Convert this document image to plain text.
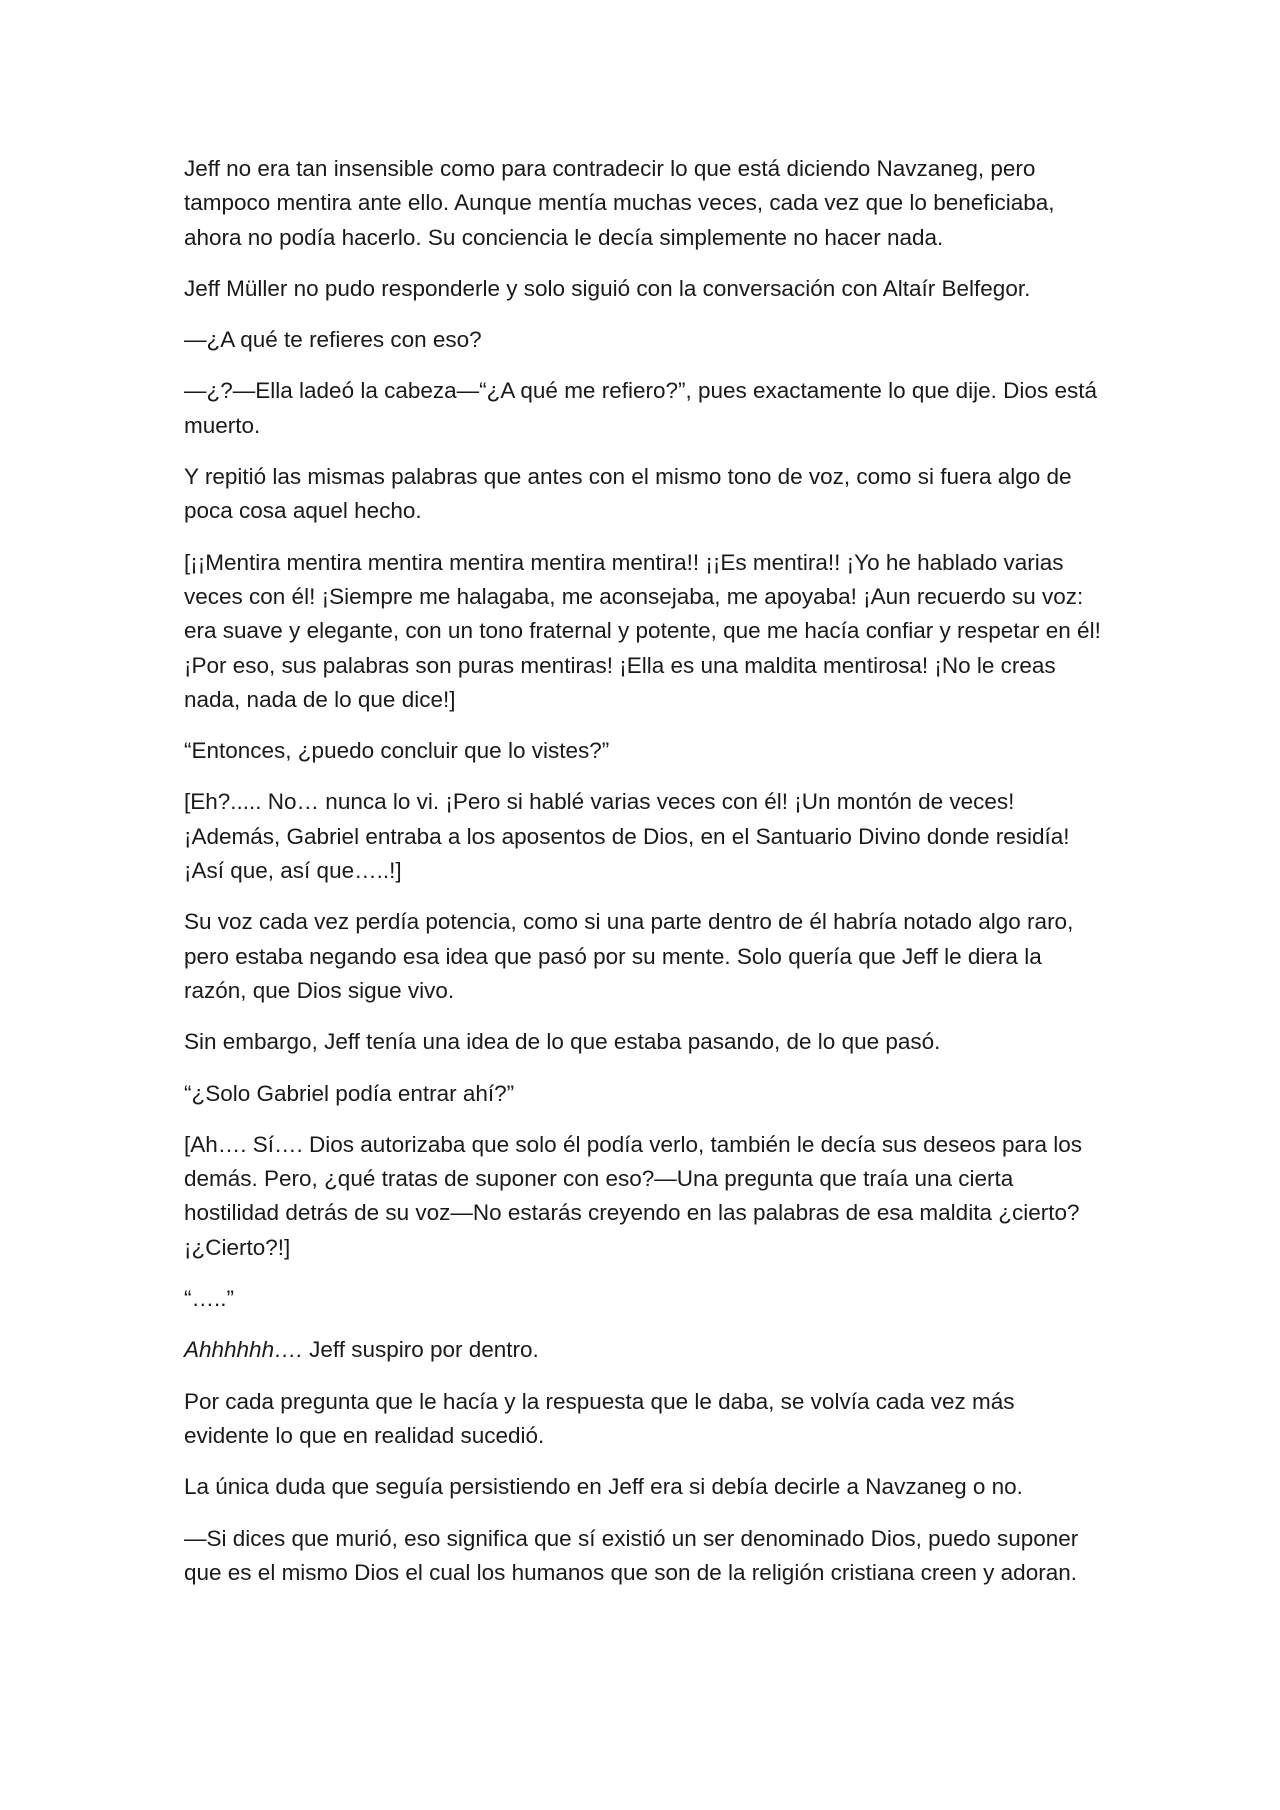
Jeff no era tan insensible como para contradecir lo que está diciendo Navzaneg, pero tampoco mentira ante ello. Aunque mentía muchas veces, cada vez que lo beneficiaba, ahora no podía hacerlo. Su conciencia le decía simplemente no hacer nada.

Jeff Müller no pudo responderle y solo siguió con la conversación con Altaír Belfegor.

—¿A qué te refieres con eso?

—¿?—Ella ladeó la cabeza—“¿A qué me refiero?”, pues exactamente lo que dije. Dios está muerto.

Y repitió las mismas palabras que antes con el mismo tono de voz, como si fuera algo de poca cosa aquel hecho.

[¡¡Mentira mentira mentira mentira mentira mentira!! ¡¡Es mentira!! ¡Yo he hablado varias veces con él! ¡Siempre me halagaba, me aconsejaba, me apoyaba! ¡Aun recuerdo su voz: era suave y elegante, con un tono fraternal y potente, que me hacía confiar y respetar en él! ¡Por eso, sus palabras son puras mentiras! ¡Ella es una maldita mentirosa! ¡No le creas nada, nada de lo que dice!]

“Entonces, ¿puedo concluir que lo vistes?”

[Eh?..... No… nunca lo vi. ¡Pero si hablé varias veces con él! ¡Un montón de veces! ¡Además, Gabriel entraba a los aposentos de Dios, en el Santuario Divino donde residía! ¡Así que, así que…..!]

Su voz cada vez perdía potencia, como si una parte dentro de él habría notado algo raro, pero estaba negando esa idea que pasó por su mente. Solo quería que Jeff le diera la razón, que Dios sigue vivo.

Sin embargo, Jeff tenía una idea de lo que estaba pasando, de lo que pasó.

“¿Solo Gabriel podía entrar ahí?”

[Ah…. Sí…. Dios autorizaba que solo él podía verlo, también le decía sus deseos para los demás. Pero, ¿qué tratas de suponer con eso?—Una pregunta que traía una cierta hostilidad detrás de su voz—No estarás creyendo en las palabras de esa maldita ¿cierto? ¡¿Cierto?!]

“…..”

Ahhhhhh…. Jeff suspiro por dentro.

Por cada pregunta que le hacía y la respuesta que le daba, se volvía cada vez más evidente lo que en realidad sucedió.

La única duda que seguía persistiendo en Jeff era si debía decirle a Navzaneg o no.

—Si dices que murió, eso significa que sí existió un ser denominado Dios, puedo suponer que es el mismo Dios el cual los humanos que son de la religión cristiana creen y adoran.
